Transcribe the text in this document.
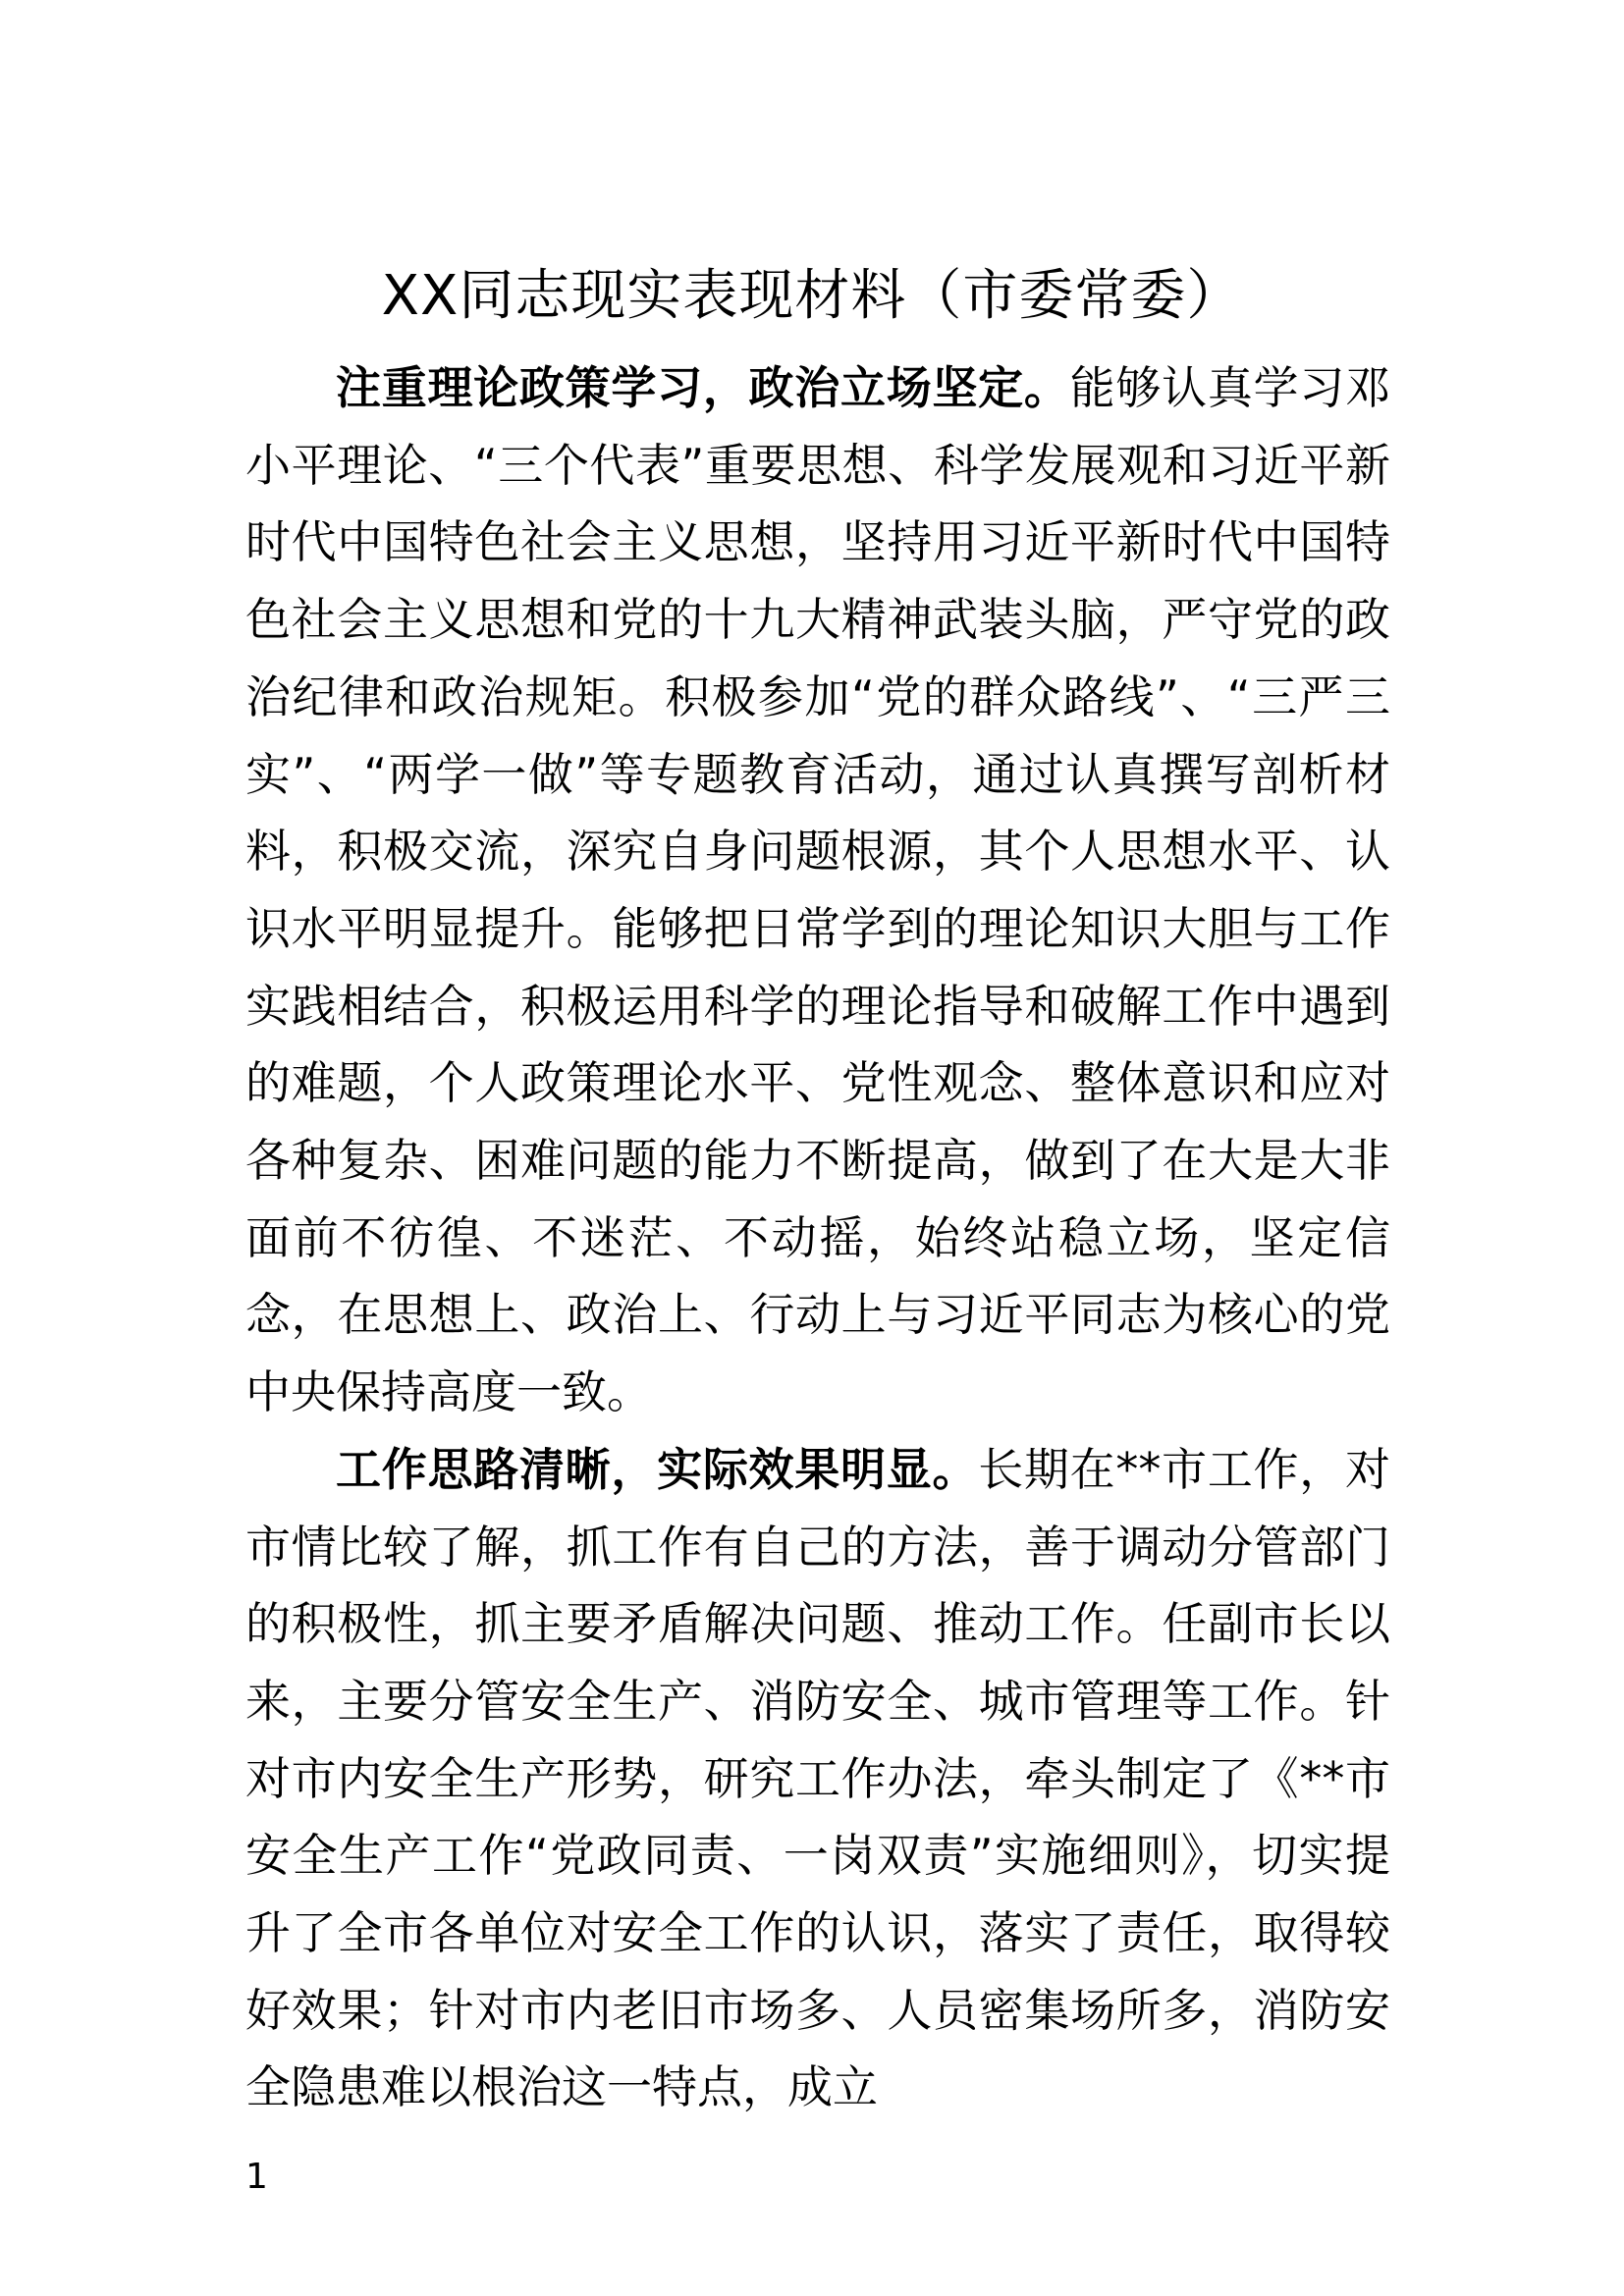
XX同志现实表现材料（市委常委）

注重理论政策学习，政治立场坚定。能够认真学习邓小平理论、“三个代表”重要思想、科学发展观和习近平新时代中国特色社会主义思想，坚持用习近平新时代中国特色社会主义思想和党的十九大精神武装头脑，严守党的政治纪律和政治规矩。积极参加“党的群众路线”、“三严三实”、“两学一做”等专题教育活动，通过认真撰写剖析材料，积极交流，深究自身问题根源，其个人思想水平、认识水平明显提升。能够把日常学到的理论知识大胆与工作实践相结合，积极运用科学的理论指导和破解工作中遇到的难题，个人政策理论水平、党性观念、整体意识和应对各种复杂、困难问题的能力不断提高，做到了在大是大非面前不彷徨、不迷茫、不动摇，始终站稳立场，坚定信念，在思想上、政治上、行动上与习近平同志为核心的党中央保持高度一致。

工作思路清晰，实际效果明显。长期在**市工作，对市情比较了解，抓工作有自己的方法，善于调动分管部门的积极性，抓主要矛盾解决问题、推动工作。任副市长以来，主要分管安全生产、消防安全、城市管理等工作。针对市内安全生产形势，研究工作办法，牵头制定了《**市安全生产工作“党政同责、一岗双责”实施细则》，切实提升了全市各单位对安全工作的认识，落实了责任，取得较好效果；针对市内老旧市场多、人员密集场所多，消防安全隐患难以根治这一特点，成立

1
